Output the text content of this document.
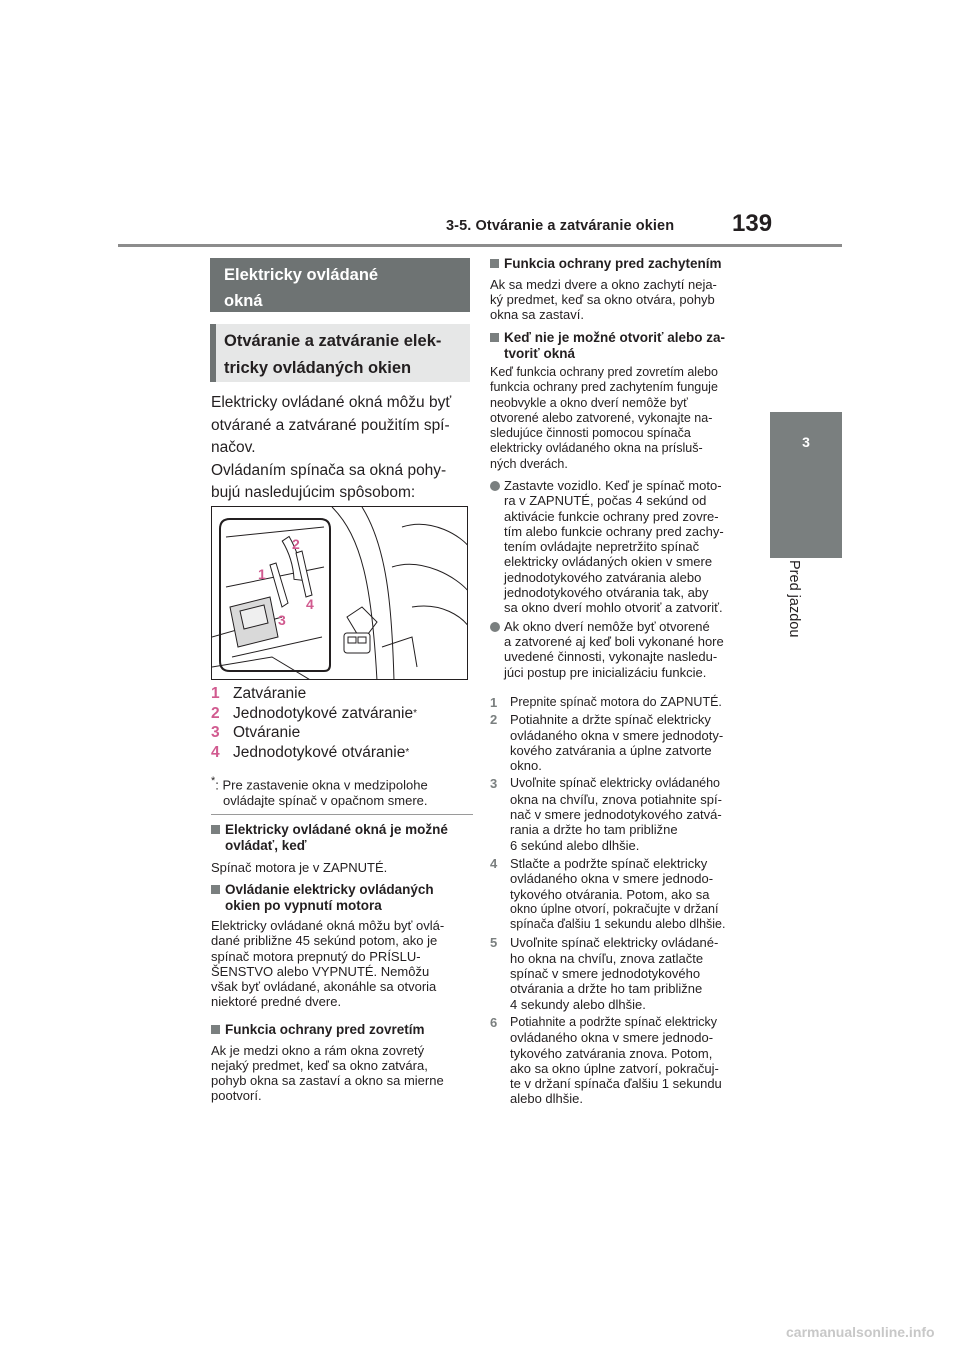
3-5. Otváranie a zatváranie okien 139
3
Pred jazdou
Elektricky ovládané
okná
Otváranie a zatváranie elek-
tricky ovládaných okien

Elektricky ovládané okná môžu byť

otvárané a zatvárané použitím spí-

načov.

Ovládaním spínača sa okná pohy-

bujú nasledujúcim spôsobom:

1
2
3
4
1 Zatváranie
2 Jednodotykové zatváranie *
3 Otváranie
4 Jednodotykové otváranie *
*: Pre zastavenie okna v medzipolohe
ovládajte spínač v opačnom smere.
Elektricky ovládané okná je možné
ovládať, keď
Spínač motora je v ZAPNUTÉ.
Ovládanie elektricky ovládaných
okien po vypnutí motora
Elektricky ovládané okná môžu byť ovlá-
dané približne 45 sekúnd potom, ako je
spínač motora prepnutý do PRÍSLU-
ŠENSTVO alebo VYPNUTÉ. Nemôžu
však byť ovládané, akonáhle sa otvoria
niektoré predné dvere.
Funkcia ochrany pred zovretím
Ak je medzi okno a rám okna zovretý
nejaký predmet, keď sa okno zatvára,
pohyb okna sa zastaví a okno sa mierne
pootvorí.
Funkcia ochrany pred zachytením
Ak sa medzi dvere a okno zachytí neja-
ký predmet, keď sa okno otvára, pohyb
okna sa zastaví.
Keď nie je možné otvoriť alebo za-
tvoriť okná
Keď funkcia ochrany pred zovretím alebo
funkcia ochrany pred zachytením funguje
neobvykle a okno dverí nemôže byť
otvorené alebo zatvorené, vykonajte na-
sledujúce činnosti pomocou spínača
elektricky ovládaného okna na prísluš-
ných dverách.
Zastavte vozidlo. Keď je spínač moto-
ra v ZAPNUTÉ, počas 4 sekúnd od
aktivácie funkcie ochrany pred zovre-
tím alebo funkcie ochrany pred zachy-
tením ovládajte nepretržito spínač
elektricky ovládaných okien v smere
jednodotykového zatvárania alebo
jednodotykového otvárania tak, aby
sa okno dverí mohlo otvoriť a zatvoriť.
Ak okno dverí nemôže byť otvorené
a zatvorené aj keď boli vykonané hore
uvedené činnosti, vykonajte nasledu-
júci postup pre inicializáciu funkcie.
1	Prepnite spínač motora do ZAPNUTÉ.
2 Potiahnite a držte spínač elektricky
ovládaného okna v smere jednodoty-
kového zatvárania a úplne zatvorte
okno.
3	Uvoľnite spínač elektricky ovládaného
okna na chvíľu, znova potiahnite spí-
nač v smere jednodotykového zatvá-
rania a držte ho tam približne
6 sekúnd alebo dlhšie.
4 Stlačte a podržte spínač elektricky
ovládaného okna v smere jednodo-
tykového otvárania. Potom, ako sa
okno úplne otvorí, pokračujte v držaní
spínača ďalšiu 1 sekundu alebo dlhšie.
5 Uvoľnite spínač elektricky ovládané-
ho okna na chvíľu, znova zatlačte
spínač v smere jednodotykového
otvárania a držte ho tam približne
4 sekundy alebo dlhšie.
6	Potiahnite a podržte spínač elektricky
ovládaného okna v smere jednodo-
tykového zatvárania znova. Potom,
ako sa okno úplne zatvorí, pokračuj-
te v držaní spínača ďalšiu 1 sekundu
alebo dlhšie.
carmanualsonline.info
